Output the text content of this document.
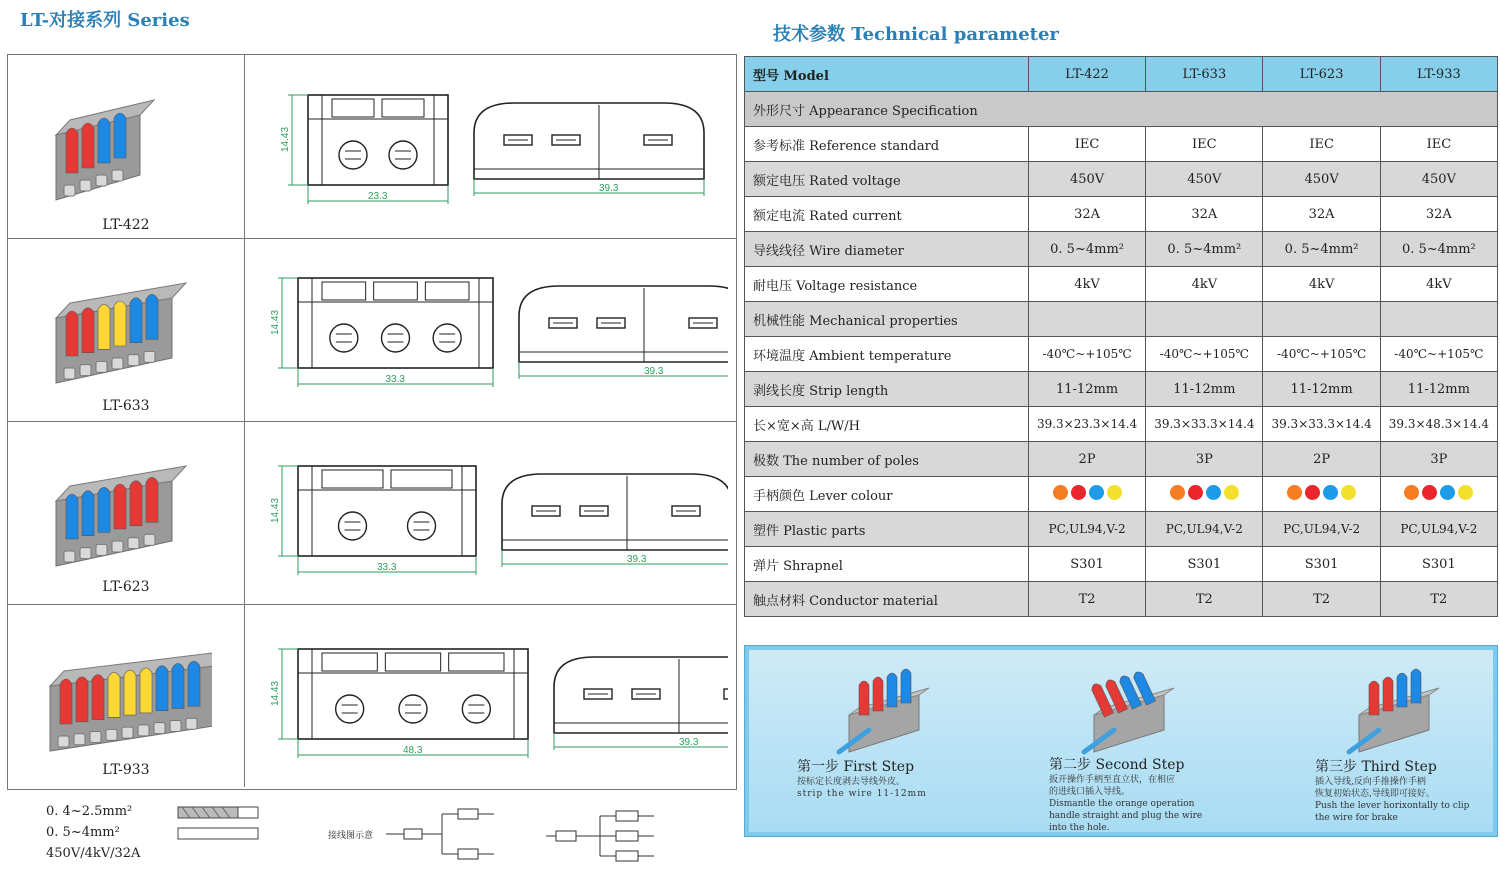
LT-对接系列 Series
技术参数 Technical parameter
LT-422
14.43
23.3
39.3
LT-633
14.43
33.3
39.3
LT-623
14.43
33.3
39.3
LT-933
14.43
48.3
39.3
型号 Model	LT-422	LT-633	LT-623	LT-933
外形尺寸 Appearance Specification				
参考标准 Reference standard	IEC	IEC	IEC	IEC
额定电压 Rated voltage	450V	450V	450V	450V
额定电流 Rated current	32A	32A	32A	32A
导线线径 Wire diameter	0. 5~4mm²	0. 5~4mm²	0. 5~4mm²	0. 5~4mm²
耐电压 Voltage resistance	4kV	4kV	4kV	4kV
机械性能 Mechanical properties				
环境温度 Ambient temperature	-40℃~+105℃	-40℃~+105℃	-40℃~+105℃	-40℃~+105℃
剥线长度 Strip length	11-12mm	11-12mm	11-12mm	11-12mm
长×宽×高 L/W/H	39.3×23.3×14.4	39.3×33.3×14.4	39.3×33.3×14.4	39.3×48.3×14.4
极数 The number of poles	2P	3P	2P	3P
手柄颜色 Lever colour	

塑件 Plastic parts	PC,UL94,V-2	PC,UL94,V-2	PC,UL94,V-2	PC,UL94,V-2
弹片 Shrapnel	S301	S301	S301	S301
触点材料 Conductor material	T2	T2	T2	T2
第一步 First Step
按标定长度剥去导线外皮。
strip the wire 11-12mm
第二步 Second Step
扳开操作手柄至直立状，在相应
的进线口插入导线。
Dismantle the orange operation
handle straight and plug the wire
into the hole.
第三步 Third Step
插入导线,反向手推操作手柄
恢复初始状态,导线即可接好。
Push the lever horixontally to clip
the wire for brake
0. 4~2.5mm²
0. 5~4mm²
450V/4kV/32A
接线图示意
